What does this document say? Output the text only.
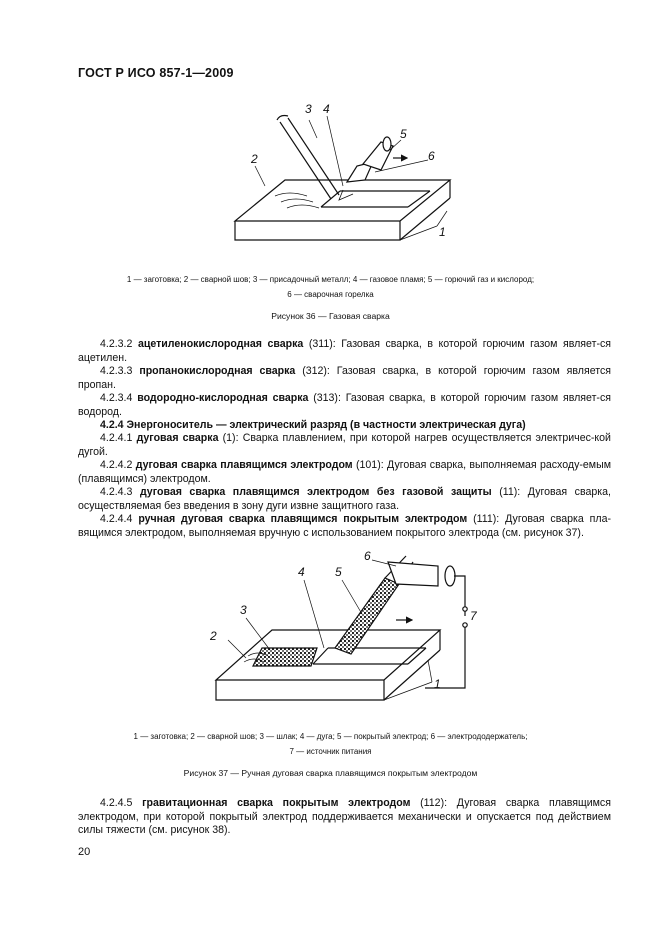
ГОСТ Р ИСО 857-1—2009
2
3 4
5
6
1
1 — заготовка; 2 — сварной шов; 3 — присадочный металл; 4 — газовое пламя; 5 — горючий газ и кислород;
6 — сварочная горелка
Рисунок 36 — Газовая сварка
4.2.3.2 ацетиленокислородная сварка (311): Газовая сварка, в которой горючим газом являет-ся ацетилен.
4.2.3.3 пропанокислородная сварка (312): Газовая сварка, в которой горючим газом является пропан.
4.2.3.4 водородно-кислородная сварка (313): Газовая сварка, в которой горючим газом являет-ся водород.
4.2.4 Энергоноситель — электрический разряд (в частности электрическая дуга)
4.2.4.1 дуговая сварка (1): Сварка плавлением, при которой нагрев осуществляется электричес-кой дугой.
4.2.4.2 дуговая сварка плавящимся электродом (101): Дуговая сварка, выполняемая расходу-емым (плавящимся) электродом.
4.2.4.3 дуговая сварка плавящимся электродом без газовой защиты (11): Дуговая сварка, осуществляемая без введения в зону дуги извне защитного газа.
4.2.4.4 ручная дуговая сварка плавящимся покрытым электродом (111): Дуговая сварка пла-вящимся электродом, выполняемая вручную с использованием покрытого электрода (см. рисунок 37).
2
3
4	5
6
7
1
1 — заготовка; 2 — сварной шов; 3 — шлак; 4 — дуга; 5 — покрытый электрод; 6 — электрододержатель;
7 — источник питания
Рисунок 37 — Ручная дуговая сварка плавящимся покрытым электродом
4.2.4.5 гравитационная сварка покрытым электродом (112): Дуговая сварка плавящимся электродом, при которой покрытый электрод поддерживается механически и опускается под действием силы тяжести (см. рисунок 38).
20
